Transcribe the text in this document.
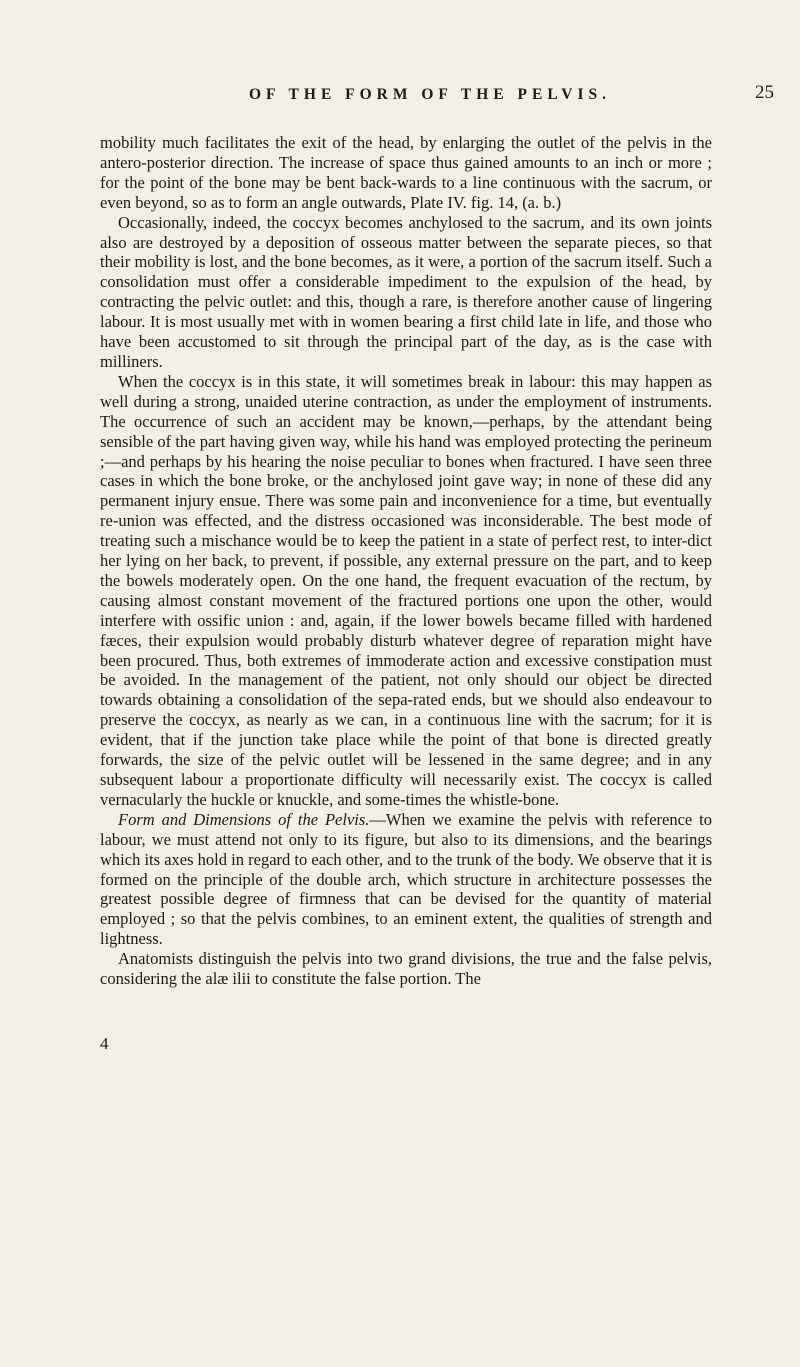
OF THE FORM OF THE PELVIS.	25

mobility much facilitates the exit of the head, by enlarging the outlet of the pelvis in the antero-posterior direction. The increase of space thus gained amounts to an inch or more ; for the point of the bone may be bent back-wards to a line continuous with the sacrum, or even beyond, so as to form an angle outwards, Plate IV. fig. 14, (a. b.)

Occasionally, indeed, the coccyx becomes anchylosed to the sacrum, and its own joints also are destroyed by a deposition of osseous matter between the separate pieces, so that their mobility is lost, and the bone becomes, as it were, a portion of the sacrum itself. Such a consolidation must offer a considerable impediment to the expulsion of the head, by contracting the pelvic outlet: and this, though a rare, is therefore another cause of lingering labour. It is most usually met with in women bearing a first child late in life, and those who have been accustomed to sit through the principal part of the day, as is the case with milliners.

When the coccyx is in this state, it will sometimes break in labour: this may happen as well during a strong, unaided uterine contraction, as under the employment of instruments. The occurrence of such an accident may be known,—perhaps, by the attendant being sensible of the part having given way, while his hand was employed protecting the perineum ;—and perhaps by his hearing the noise peculiar to bones when fractured. I have seen three cases in which the bone broke, or the anchylosed joint gave way; in none of these did any permanent injury ensue. There was some pain and inconvenience for a time, but eventually re-union was effected, and the distress occasioned was inconsiderable. The best mode of treating such a mischance would be to keep the patient in a state of perfect rest, to inter-dict her lying on her back, to prevent, if possible, any external pressure on the part, and to keep the bowels moderately open. On the one hand, the frequent evacuation of the rectum, by causing almost constant movement of the fractured portions one upon the other, would interfere with ossific union : and, again, if the lower bowels became filled with hardened fæces, their expulsion would probably disturb whatever degree of reparation might have been procured. Thus, both extremes of immoderate action and excessive constipation must be avoided. In the management of the patient, not only should our object be directed towards obtaining a consolidation of the sepa-rated ends, but we should also endeavour to preserve the coccyx, as nearly as we can, in a continuous line with the sacrum; for it is evident, that if the junction take place while the point of that bone is directed greatly forwards, the size of the pelvic outlet will be lessened in the same degree; and in any subsequent labour a proportionate difficulty will necessarily exist. The coccyx is called vernacularly the huckle or knuckle, and some-times the whistle-bone.

Form and Dimensions of the Pelvis.—When we examine the pelvis with reference to labour, we must attend not only to its figure, but also to its dimensions, and the bearings which its axes hold in regard to each other, and to the trunk of the body. We observe that it is formed on the principle of the double arch, which structure in architecture possesses the greatest possible degree of firmness that can be devised for the quantity of material employed ; so that the pelvis combines, to an eminent extent, the qualities of strength and lightness.

Anatomists distinguish the pelvis into two grand divisions, the true and the false pelvis, considering the alæ ilii to constitute the false portion. The

4
